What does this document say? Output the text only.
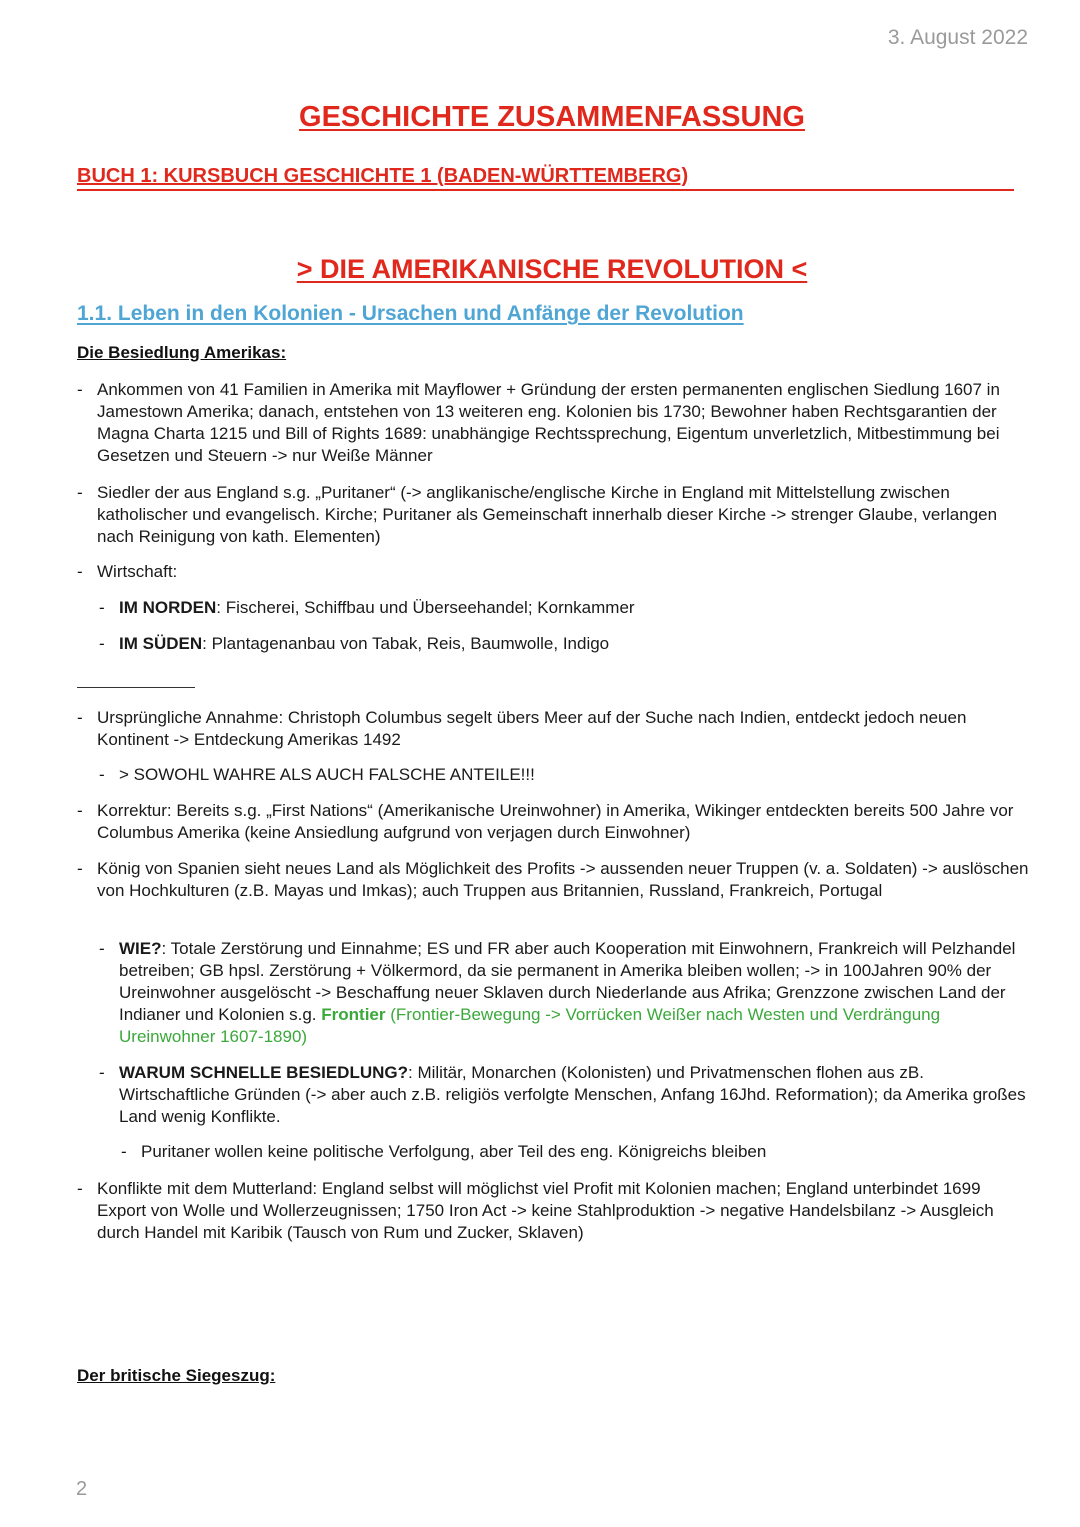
3. August 2022
GESCHICHTE ZUSAMMENFASSUNG
BUCH 1: KURSBUCH GESCHICHTE 1 (BADEN-WÜRTTEMBERG)
> DIE AMERIKANISCHE REVOLUTION <
1.1. Leben in den Kolonien - Ursachen und Anfänge der Revolution
Die Besiedlung Amerikas:
- Ankommen von 41 Familien in Amerika mit Mayflower + Gründung der ersten permanenten englischen Siedlung 1607 in Jamestown Amerika; danach, entstehen von 13 weiteren eng. Kolonien bis 1730; Bewohner haben Rechtsgarantien der Magna Charta 1215 und Bill of Rights 1689: unabhängige Rechtssprechung, Eigentum unverletzlich, Mitbestimmung bei Gesetzen und Steuern -> nur Weiße Männer
- Siedler der aus England s.g. „Puritaner“ (-> anglikanische/englische Kirche in England mit Mittelstellung zwischen katholischer und evangelisch. Kirche; Puritaner als Gemeinschaft innerhalb dieser Kirche -> strenger Glaube, verlangen nach Reinigung von kath. Elementen)
- Wirtschaft:
- IM NORDEN: Fischerei, Schiffbau und Überseehandel; Kornkammer
- IM SÜDEN: Plantagenanbau von Tabak, Reis, Baumwolle, Indigo
- Ursprüngliche Annahme: Christoph Columbus segelt übers Meer auf der Suche nach Indien, entdeckt jedoch neuen Kontinent -> Entdeckung Amerikas 1492
- > SOWOHL WAHRE ALS AUCH FALSCHE ANTEILE!!!
- Korrektur: Bereits s.g. „First Nations“ (Amerikanische Ureinwohner) in Amerika, Wikinger entdeckten bereits 500 Jahre vor Columbus Amerika (keine Ansiedlung aufgrund von verjagen durch Einwohner)
- König von Spanien sieht neues Land als Möglichkeit des Profits -> aussenden neuer Truppen (v. a. Soldaten) -> auslöschen von Hochkulturen (z.B. Mayas und Imkas); auch Truppen aus Britannien, Russland, Frankreich, Portugal
- WIE?: Totale Zerstörung und Einnahme; ES und FR aber auch Kooperation mit Einwohnern, Frankreich will Pelzhandel betreiben; GB hpsl. Zerstörung + Völkermord, da sie permanent in Amerika bleiben wollen; -> in 100Jahren 90% der Ureinwohner ausgelöscht -> Beschaffung neuer Sklaven durch Niederlande aus Afrika; Grenzzone zwischen Land der Indianer und Kolonien s.g. Frontier (Frontier-Bewegung -> Vorrücken Weißer nach Westen und Verdrängung Ureinwohner 1607-1890)
- WARUM SCHNELLE BESIEDLUNG?: Militär, Monarchen (Kolonisten) und Privatmenschen flohen aus zB. Wirtschaftliche Gründen (-> aber auch z.B. religiös verfolgte Menschen, Anfang 16Jhd. Reformation); da Amerika großes Land wenig Konflikte.
- Puritaner wollen keine politische Verfolgung, aber Teil des eng. Königreichs bleiben
- Konflikte mit dem Mutterland: England selbst will möglichst viel Profit mit Kolonien machen; England unterbindet 1699 Export von Wolle und Wollerzeugnissen; 1750 Iron Act -> keine Stahlproduktion -> negative Handelsbilanz -> Ausgleich durch Handel mit Karibik (Tausch von Rum und Zucker, Sklaven)
Der britische Siegeszug:
2
